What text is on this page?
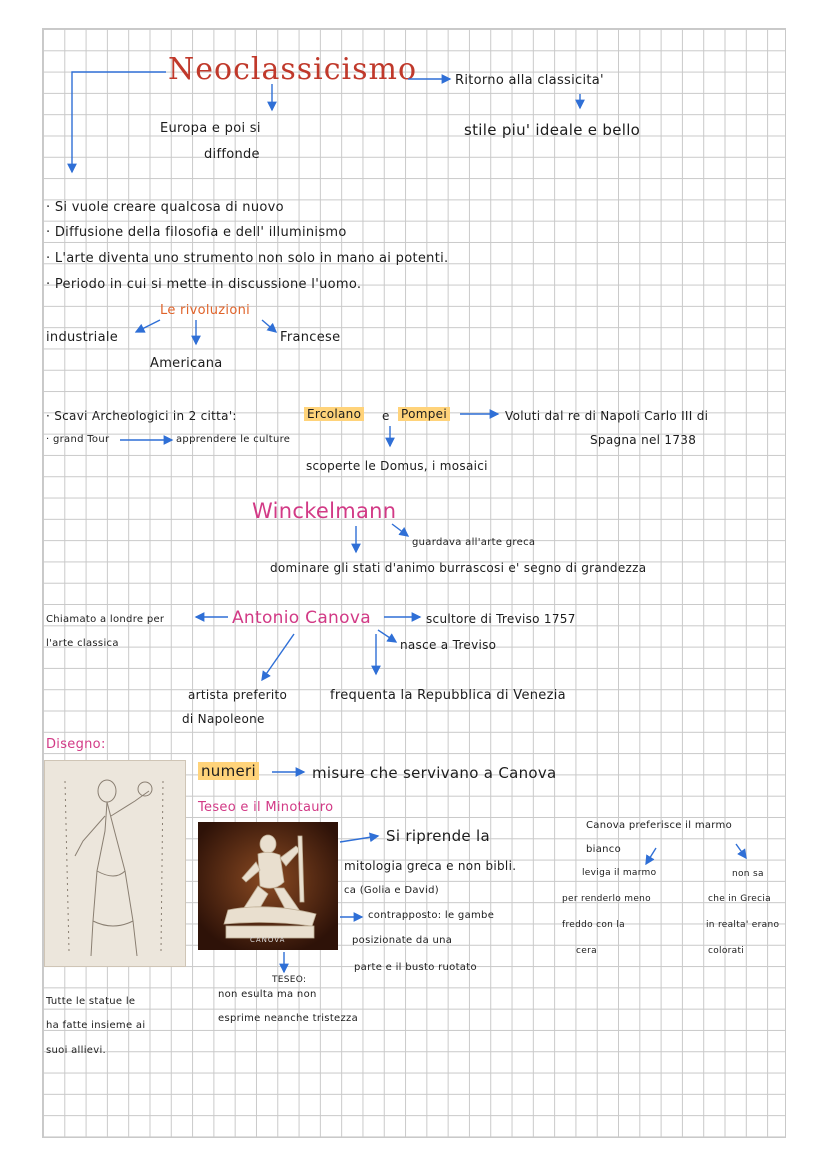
Neoclassicismo	Ritorno alla classicita'
stile piu' ideale e bello
Europa e poi si
diffonde
· Si vuole creare qualcosa di nuovo
· Diffusione della filosofia e dell' illuminismo
· L'arte diventa uno strumento non solo in mano ai potenti.
· Periodo in cui si mette in discussione l'uomo.
Le rivoluzioni
industriale
Americana
Francese
· Scavi Archeologici in 2 citta':	Ercolano e Pompei	Voluti dal re di Napoli Carlo III di
Spagna nel 1738
· grand Tour	apprendere le culture
scoperte le Domus, i mosaici
Winckelmann
guardava all'arte greca
dominare gli stati d'animo burrascosi e' segno di grandezza
Antonio Canova
Chiamato a londre per
l'arte classica
scultore di Treviso 1757
nasce a Treviso
artista preferito
di Napoleone
frequenta la Repubblica di Venezia
Disegno:
numeri	misure che servivano a Canova
Teseo e il Minotauro
CANOVA
Si riprende la
mitologia greca e non bibli.
ca (Golia e David)
contrapposto: le gambe
posizionate da una
parte e il busto ruotato
TESEO:
non esulta ma non
esprime neanche tristezza
Tutte le statue le
ha fatte insieme ai
suoi allievi.
Canova preferisce il marmo
bianco
leviga il marmo
per renderlo meno
freddo con la
cera
non sa
che in Grecia
in realta' erano
colorati
